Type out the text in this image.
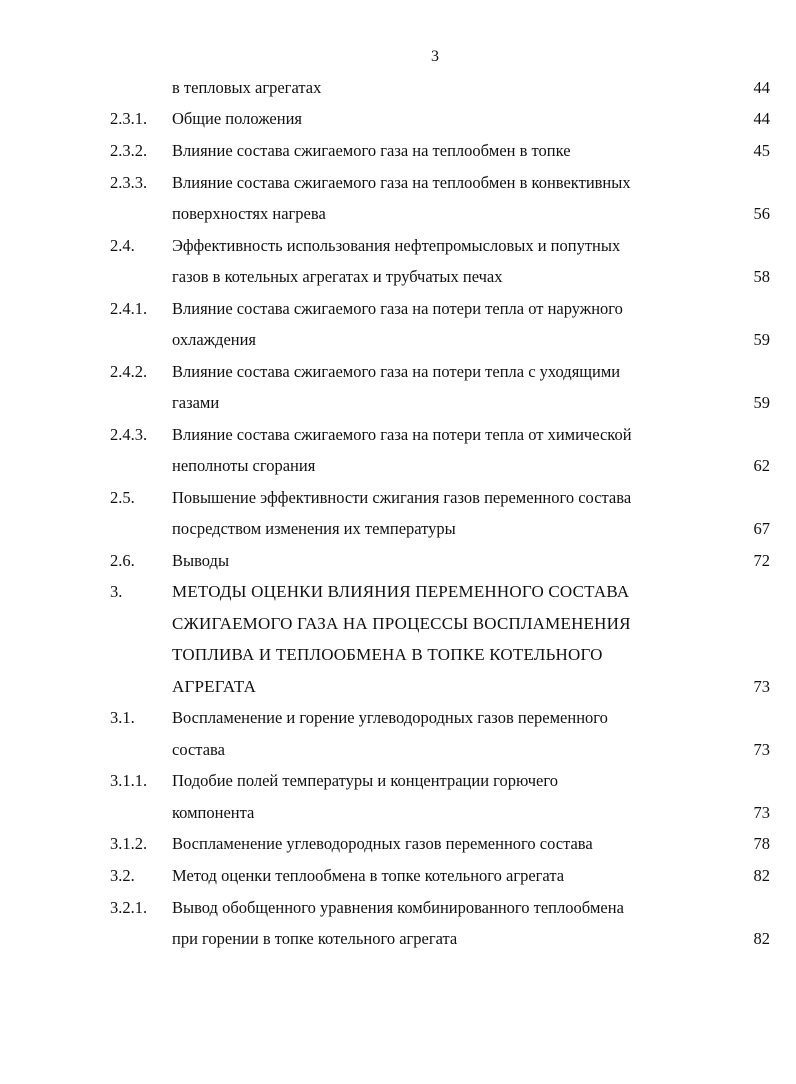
3
в тепловых агрегатах	44
2.3.1. Общие положения	44
2.3.2. Влияние состава сжигаемого газа на теплообмен в топке	45
2.3.3. Влияние состава сжигаемого газа на теплообмен в конвективных
поверхностях нагрева	56
2.4. Эффективность использования нефтепромысловых и попутных
газов в котельных агрегатах и трубчатых печах	58
2.4.1. Влияние состава сжигаемого газа на потери тепла от наружного
охлаждения	59
2.4.2. Влияние состава сжигаемого газа на потери тепла с уходящими
газами	59
2.4.3. Влияние состава сжигаемого газа на потери тепла от химической
неполноты сгорания	62
2.5. Повышение эффективности сжигания газов переменного состава
посредством изменения их температуры	67
2.6. Выводы	72
3.	МЕТОДЫ ОЦЕНКИ ВЛИЯНИЯ ПЕРЕМЕННОГО СОСТАВА
СЖИГАЕМОГО ГАЗА НА ПРОЦЕССЫ ВОСПЛАМЕНЕНИЯ
ТОПЛИВА И ТЕПЛООБМЕНА В ТОПКЕ КОТЕЛЬНОГО
АГРЕГАТА	73
3.1. Воспламенение и горение углеводородных газов переменного
состава	73
3.1.1. Подобие полей температуры и концентрации горючего
компонента	73
3.1.2. Воспламенение углеводородных газов переменного состава	78
3.2. Метод оценки теплообмена в топке котельного агрегата	82
3.2.1. Вывод обобщенного уравнения комбинированного теплообмена
при горении в топке котельного агрегата	82
